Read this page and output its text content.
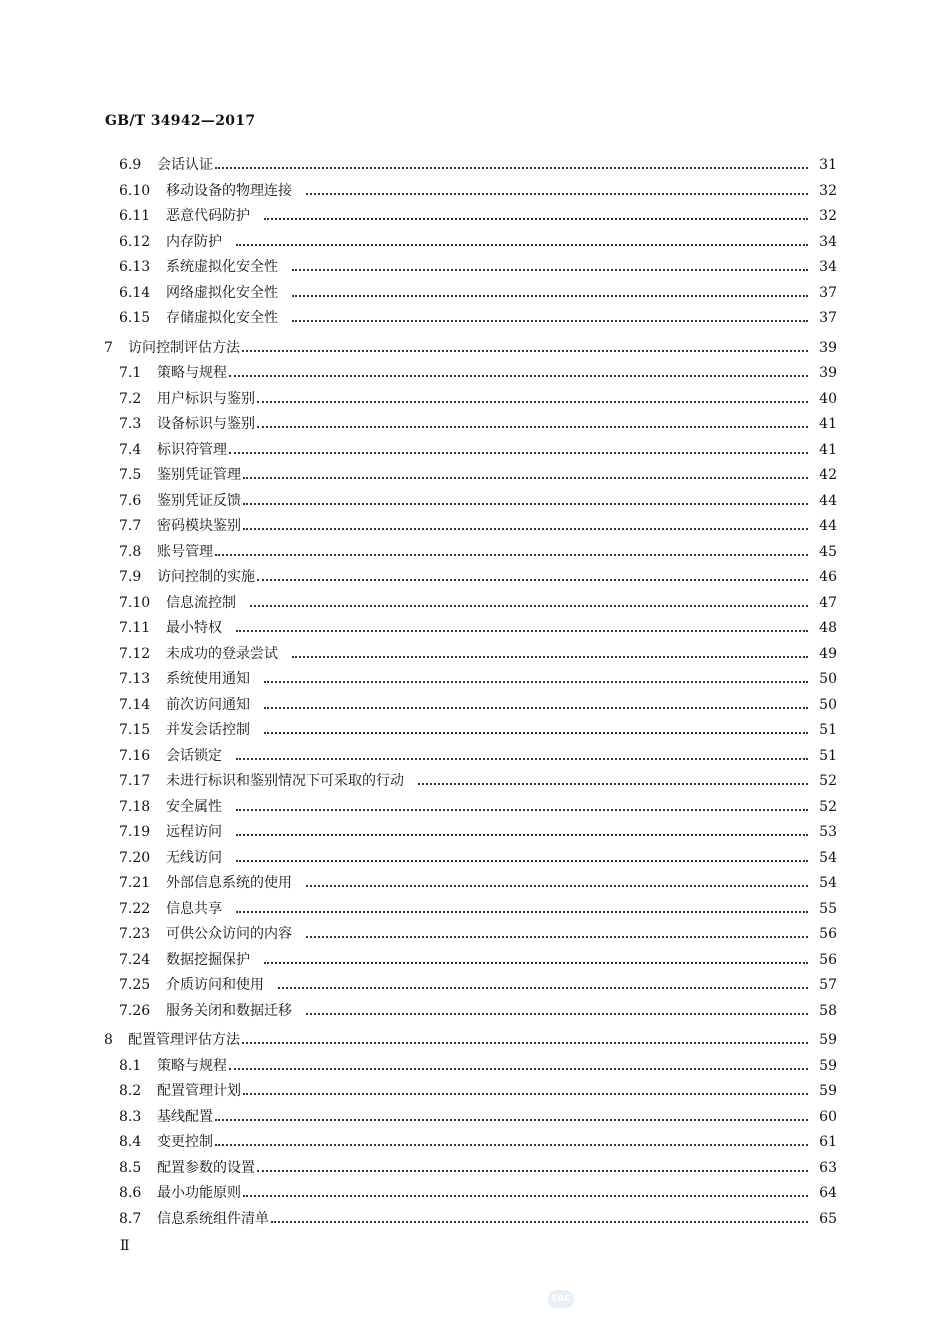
GB/T 34942—2017
6.9 会话认证	31
6.10 移动设备的物理连接	32
6.11 恶意代码防护	32
6.12 内存防护	34
6.13 系统虚拟化安全性	34
6.14 网络虚拟化安全性	37
6.15 存储虚拟化安全性	37
7 访问控制评估方法	39
7.1 策略与规程	39
7.2 用户标识与鉴别	40
7.3 设备标识与鉴别	41
7.4 标识符管理	41
7.5 鉴别凭证管理	42
7.6 鉴别凭证反馈	44
7.7 密码模块鉴别	44
7.8 账号管理	45
7.9 访问控制的实施	46
7.10 信息流控制	47
7.11 最小特权	48
7.12 未成功的登录尝试	49
7.13 系统使用通知	50
7.14 前次访问通知	50
7.15 并发会话控制	51
7.16 会话锁定	51
7.17 未进行标识和鉴别情况下可采取的行动	52
7.18 安全属性	52
7.19 远程访问	53
7.20 无线访问	54
7.21 外部信息系统的使用	54
7.22 信息共享	55
7.23 可供公众访问的内容	56
7.24 数据挖掘保护	56
7.25 介质访问和使用	57
7.26 服务关闭和数据迁移	58
8 配置管理评估方法	59
8.1 策略与规程	59
8.2 配置管理计划	59
8.3 基线配置	60
8.4 变更控制	61
8.5 配置参数的设置	63
8.6 最小功能原则	64
8.7 信息系统组件清单	65
Ⅱ
SAC
